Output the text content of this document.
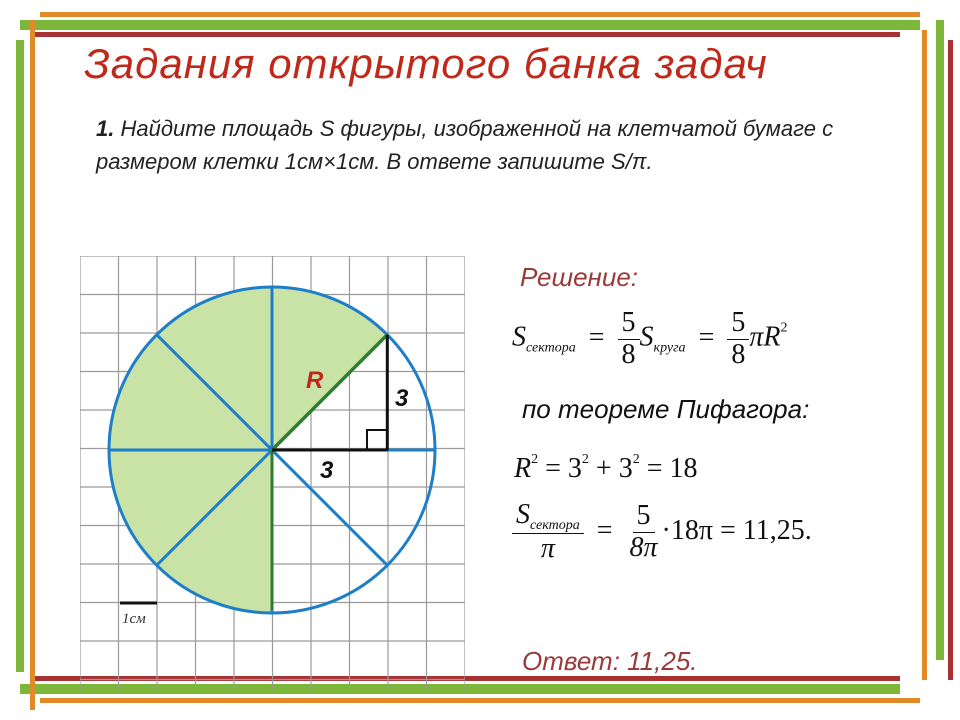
Задания открытого банка задач
1. Найдите площадь S фигуры, изображенной на клетчатой бумаге с размером клетки 1см×1см. В ответе запишите S/π.
R
3
3
1см
Решение:
$S_{сектора} = \frac{5}{8} S_{круга} = \frac{5}{8} \pi R^2$
по теореме Пифагора:
$R^2 = 3^2 + 3^2 = 18$
$\frac{S_{сектора}}{\pi} = \frac{5}{8\pi} \cdot 18\pi = 11,25$.
Ответ: 11,25.
